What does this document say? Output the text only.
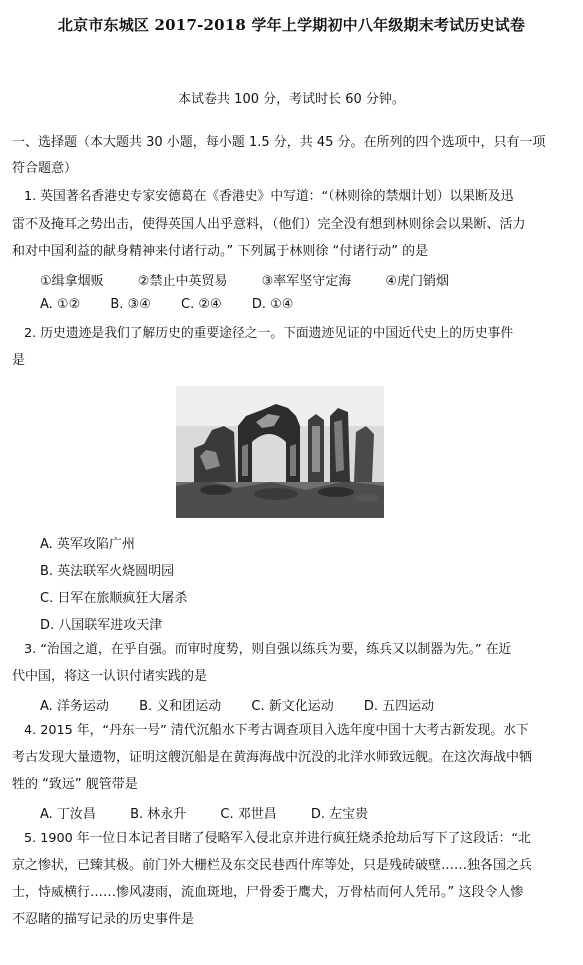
北京市东城区 2017-2018 学年上学期初中八年级期末考试历史试卷
本试卷共 100 分，考试时长 60 分钟。
一、选择题（本大题共 30 小题，每小题 1.5 分，共 45 分。在所列的四个选项中，只有一项
符合题意）
1. 英国著名香港史专家安德葛在《香港史》中写道：“（林则徐的禁烟计划）以果断及迅
雷不及掩耳之势出击，使得英国人出乎意料，（他们）完全没有想到林则徐会以果断、活力
和对中国利益的献身精神来付诸行动。” 下列属于林则徐 “付诸行动” 的是
①缉拿烟贩	②禁止中英贸易	③率军坚守定海	④虎门销烟
A. ①② B. ③④ C. ②④ D. ①④
2. 历史遗迹是我们了解历史的重要途径之一。下面遗迹见证的中国近代史上的历史事件
是
A. 英军攻陷广州
B. 英法联军火烧圆明园
C. 日军在旅顺疯狂大屠杀
D. 八国联军进攻天津
3. “治国之道，在乎自强。而审时度势，则自强以练兵为要，练兵又以制器为先。” 在近
代中国，将这一认识付诸实践的是
A. 洋务运动 B. 义和团运动 C. 新文化运动 D. 五四运动
4. 2015 年，“丹东一号” 清代沉船水下考古调查项目入选年度中国十大考古新发现。水下
考古发现大量遗物，证明这艘沉船是在黄海海战中沉没的北洋水师致远舰。在这次海战中牺
牲的 “致远” 舰管带是
A. 丁汝昌	B. 林永升	C. 邓世昌	D. 左宝贵
5. 1900 年一位日本记者目睹了侵略军入侵北京并进行疯狂烧杀抢劫后写下了这段话：“北
京之惨状，已臻其极。前门外大栅栏及东交民巷西什库等处，只是残砖破壁……独各国之兵
士，恃威横行……惨风凄雨，流血斑地，尸骨委于鹰犬，万骨枯而何人凭吊。” 这段令人惨
不忍睹的描写记录的历史事件是
